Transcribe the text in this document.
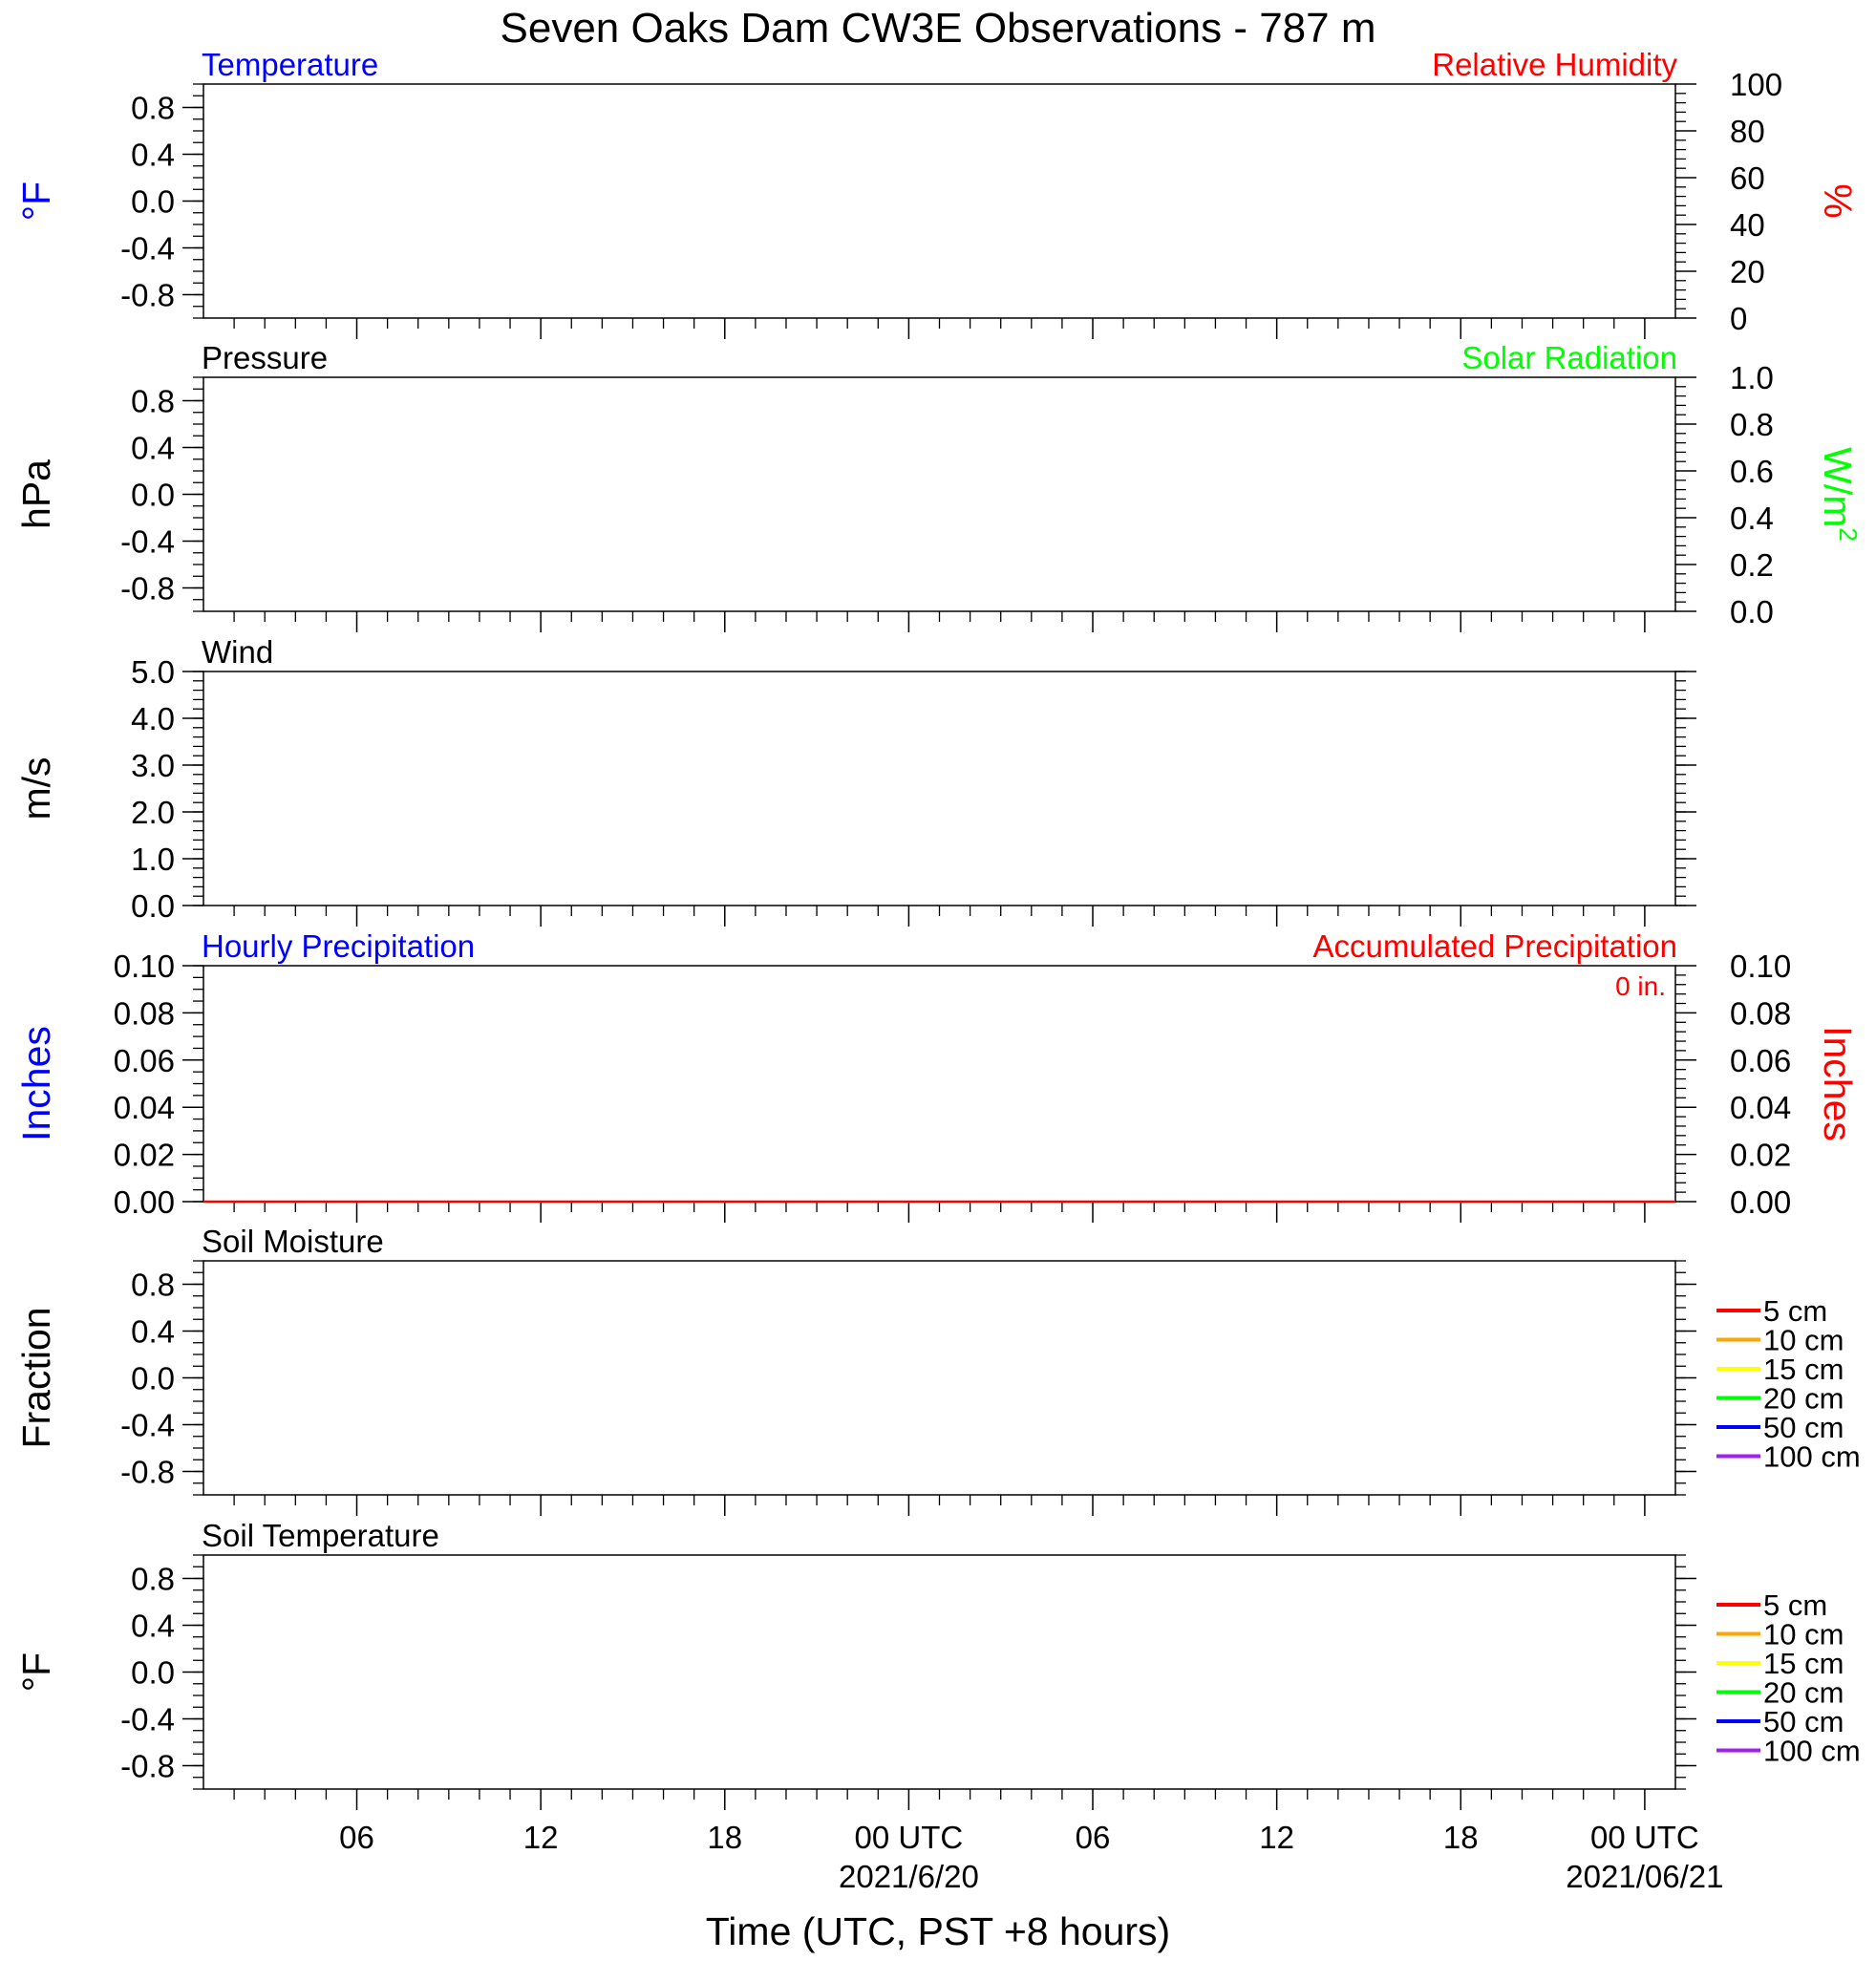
Seven Oaks Dam CW3E Observations - 787 m
Temperature	Relative Humidity
0.8
0.4
0.0
-0.4
-0.8
100
80
60
40
20
0
%
°F
Pressure	Solar Radiation
0.8
0.4
0.0
-0.4
-0.8
1.0
0.8
0.6
0.4
0.2
0.0
$W/m^2$
hPa
Wind
5.0
4.0
3.0
2.0
1.0
0.0
m/s
Hourly Precipitation	Accumulated Precipitation
0 in.
0.10
0.08
0.06
0.04
0.02
0.00
0.10
0.08
0.06
0.04
0.02
0.00
Inches
Inches
Soil Moisture
0.8
0.4
0.0
-0.4
-0.8
Fraction	5 cm
10 cm
15 cm
20 cm
50 cm
100 cm
Soil Temperature
0.8
0.4
0.0
-0.4
-0.8
°F
5 cm
10 cm
15 cm
20 cm
50 cm
100 cm
06	12	18	00 UTC	06	12	18	00 UTC
2021/6/20	2021/06/21
Time (UTC, PST +8 hours)
